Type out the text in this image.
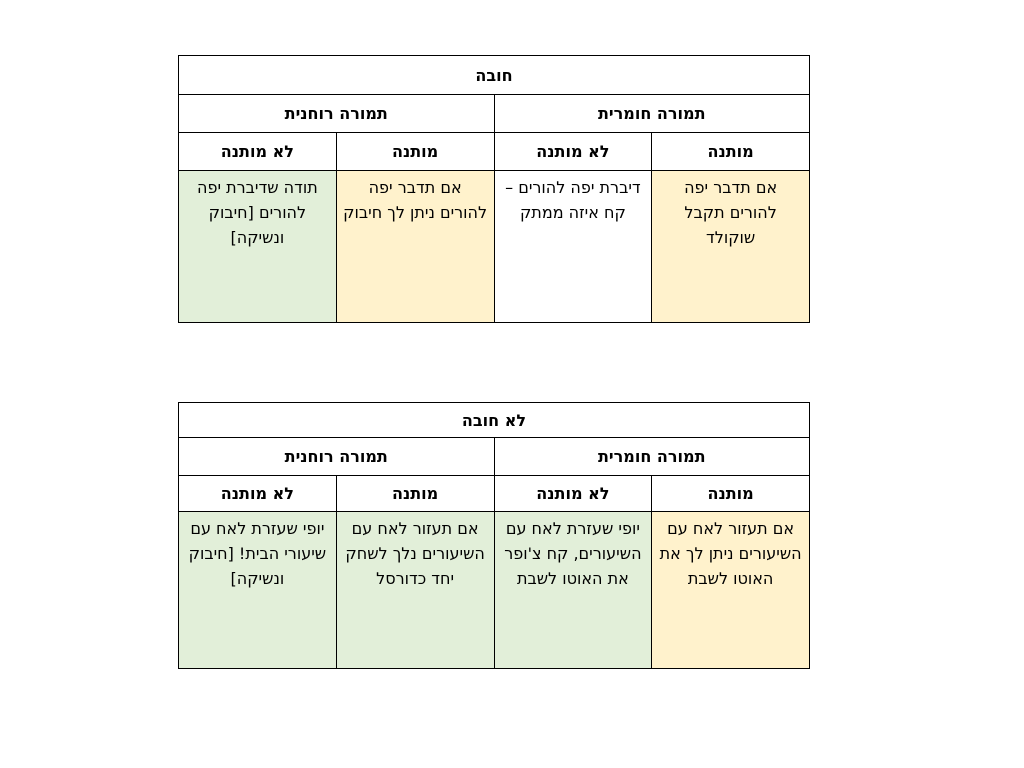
חובה			
תמורה חומרית		תמורה רוחנית	
מותנה	לא מותנה	מותנה	לא מותנה
אם תדבר יפה להורים תקבל שוקולד	דיברת יפה להורים – קח איזה ממתק	אם תדבר יפה להורים ניתן לך חיבוק	תודה שדיברת יפה להורים [חיבוק ונשיקה]
לא חובה			
תמורה חומרית		תמורה רוחנית	
מותנה	לא מותנה	מותנה	לא מותנה
אם תעזור לאח עם השיעורים ניתן לך את האוטו לשבת	יופי שעזרת לאח עם השיעורים, קח צ'ופר את האוטו לשבת	אם תעזור לאח עם השיעורים נלך לשחק יחד כדורסל	יופי שעזרת לאח עם שיעורי הבית! [חיבוק ונשיקה]
